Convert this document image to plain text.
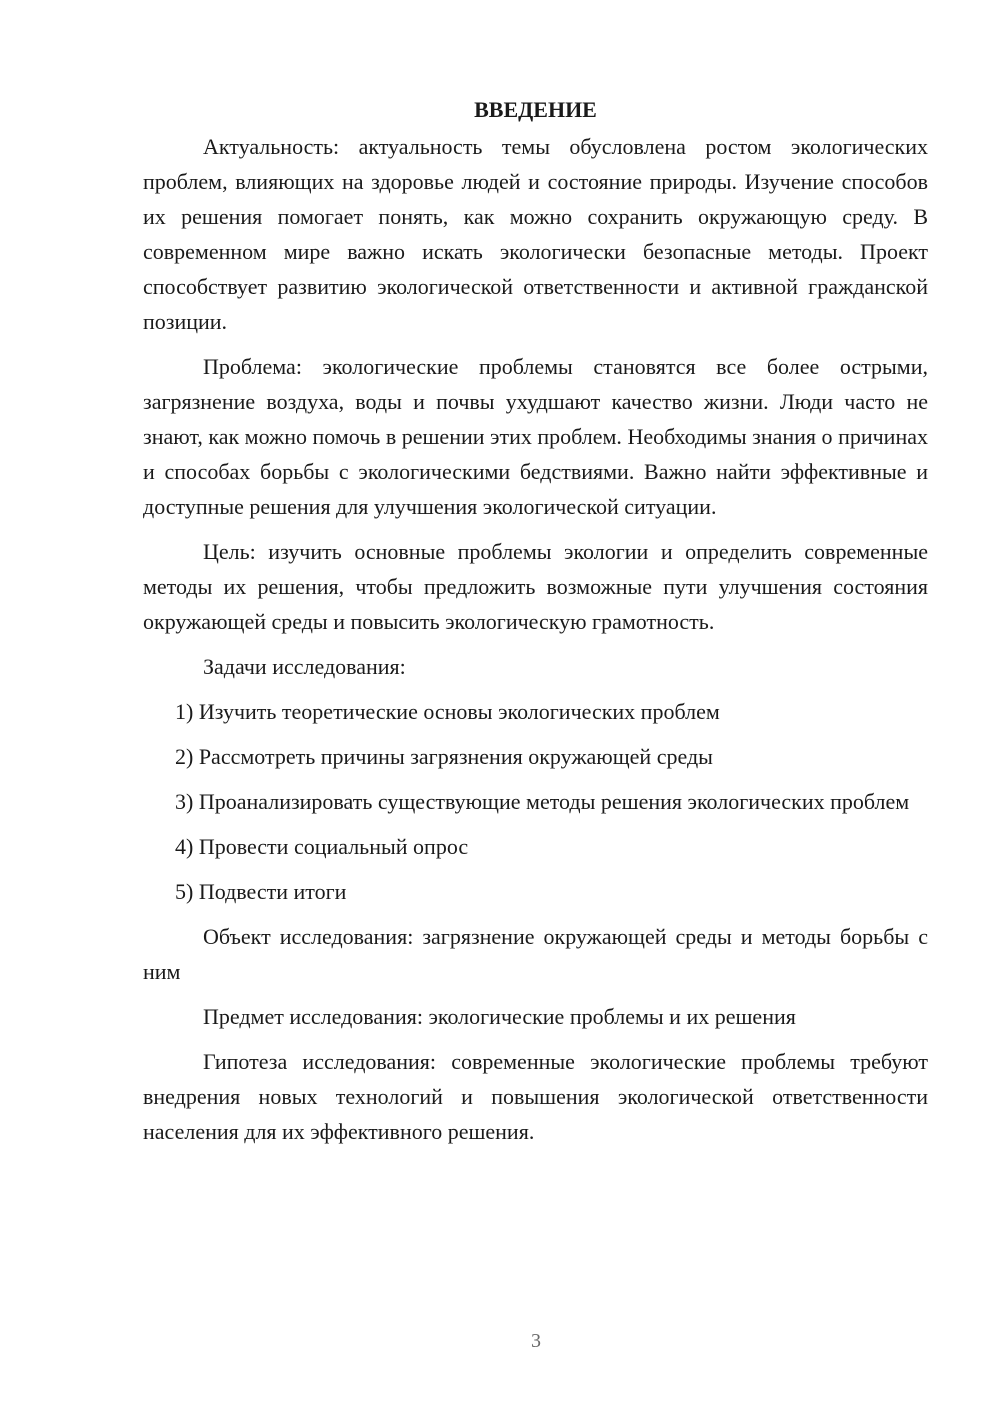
ВВЕДЕНИЕ

Актуальность: актуальность темы обусловлена ростом экологических проблем, влияющих на здоровье людей и состояние природы. Изучение способов их решения помогает понять, как можно сохранить окружающую среду. В современном мире важно искать экологически безопасные методы. Проект способствует развитию экологической ответственности и активной гражданской позиции.

Проблема: экологические проблемы становятся все более острыми, загрязнение воздуха, воды и почвы ухудшают качество жизни. Люди часто не знают, как можно помочь в решении этих проблем. Необходимы знания о причинах и способах борьбы с экологическими бедствиями. Важно найти эффективные и доступные решения для улучшения экологической ситуации.

Цель: изучить основные проблемы экологии и определить современные методы их решения, чтобы предложить возможные пути улучшения состояния окружающей среды и повысить экологическую грамотность.

Задачи исследования:

1) Изучить теоретические основы экологических проблем

2) Рассмотреть причины загрязнения окружающей среды

3) Проанализировать существующие методы решения экологических проблем

4) Провести социальный опрос

5) Подвести итоги

Объект исследования: загрязнение окружающей среды и методы борьбы с ним

Предмет исследования: экологические проблемы и их решения

Гипотеза исследования: современные экологические проблемы требуют внедрения новых технологий и повышения экологической ответственности населения для их эффективного решения.

3
